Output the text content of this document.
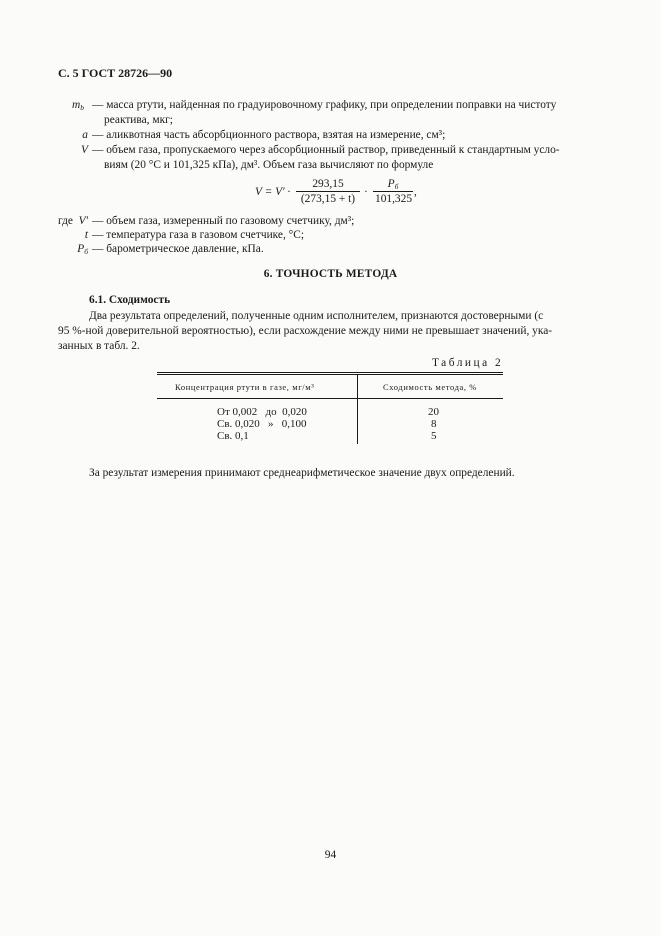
С. 5 ГОСТ 28726—90
$m_b$ — масса ртути, найденная по градуировочному графику, при определении поправки на чистоту
реактива, мкг;
a — аликвотная часть абсорбционного раствора, взятая на измерение, см³;
V — объем газа, пропускаемого через абсорбционный раствор, приведенный к стандартным усло-
виям (20 °С и 101,325 кПа), дм³. Объем газа вычисляют по формуле
$V = V' \cdot \frac{293,15}{(273,15 + t)}$ ·
$P_б$
101,325
,
где V' — объем газа, измеренный по газовому счетчику, дм³;
t — температура газа в газовом счетчике, °С;
$P_б$ — барометрическое давление, кПа.
6. ТОЧНОСТЬ МЕТОДА
6.1. Сходимость
Два результата определений, полученные одним исполнителем, признаются достоверными (с
95 %-ной доверительной вероятностью), если расхождение между ними не превышает значений, ука-
занных в табл. 2.
Таблица 2
Концентрация ртути в газе, мг/м³	Сходимость метода, %
От 0,002   до  0,020	20
Св. 0,020   »   0,100	8
Св. 0,1	5
За результат измерения принимают среднеарифметическое значение двух определений.
94
